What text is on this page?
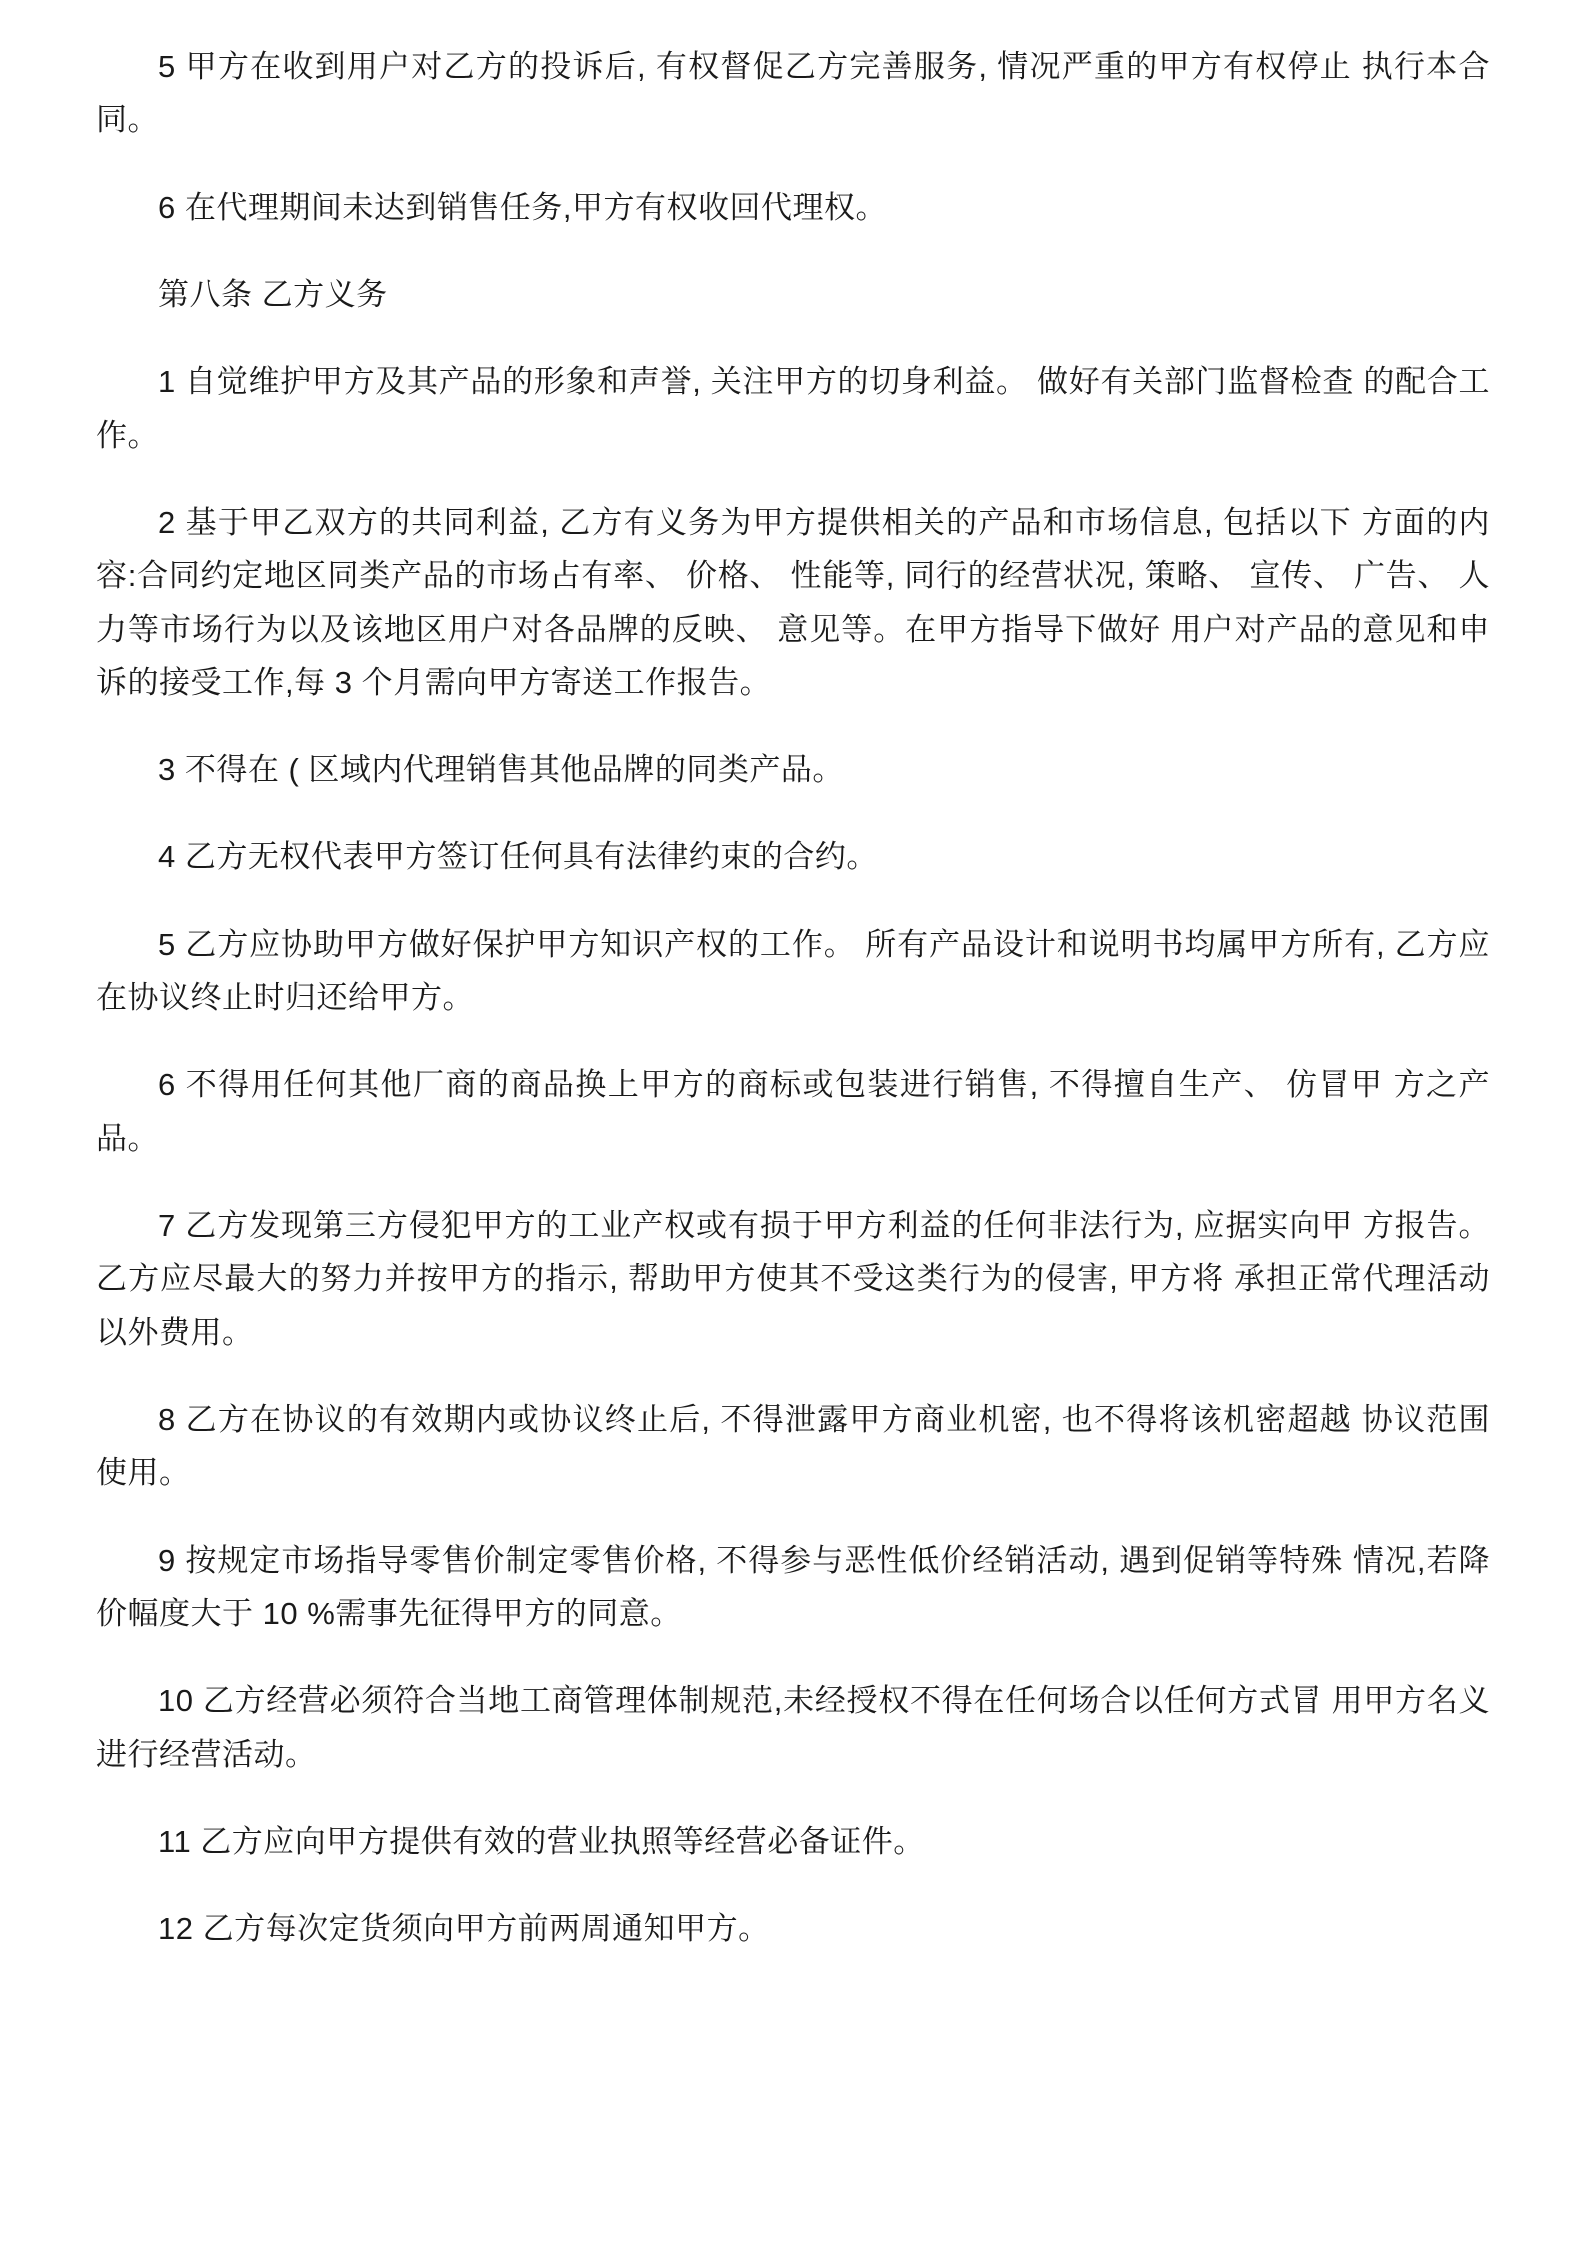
5 甲方在收到用户对乙方的投诉后, 有权督促乙方完善服务, 情况严重的甲方有权停止 执行本合同。

6 在代理期间未达到销售任务,甲方有权收回代理权。

第八条 乙方义务

1 自觉维护甲方及其产品的形象和声誉, 关注甲方的切身利益。 做好有关部门监督检查 的配合工作。

2 基于甲乙双方的共同利益, 乙方有义务为甲方提供相关的产品和市场信息, 包括以下 方面的内容:合同约定地区同类产品的市场占有率、 价格、 性能等, 同行的经营状况, 策略、 宣传、 广告、 人力等市场行为以及该地区用户对各品牌的反映、 意见等。在甲方指导下做好 用户对产品的意见和申诉的接受工作,每 3 个月需向甲方寄送工作报告。

3 不得在 ( 区域内代理销售其他品牌的同类产品。

4 乙方无权代表甲方签订任何具有法律约束的合约。

5 乙方应协助甲方做好保护甲方知识产权的工作。 所有产品设计和说明书均属甲方所有, 乙方应在协议终止时归还给甲方。

6 不得用任何其他厂商的商品换上甲方的商标或包装进行销售, 不得擅自生产、 仿冒甲 方之产品。

7 乙方发现第三方侵犯甲方的工业产权或有损于甲方利益的任何非法行为, 应据实向甲 方报告。 乙方应尽最大的努力并按甲方的指示, 帮助甲方使其不受这类行为的侵害, 甲方将 承担正常代理活动以外费用。

8 乙方在协议的有效期内或协议终止后, 不得泄露甲方商业机密, 也不得将该机密超越 协议范围使用。

9 按规定市场指导零售价制定零售价格, 不得参与恶性低价经销活动, 遇到促销等特殊 情况,若降价幅度大于 10 %需事先征得甲方的同意。

10 乙方经营必须符合当地工商管理体制规范,未经授权不得在任何场合以任何方式冒 用甲方名义进行经营活动。

11 乙方应向甲方提供有效的营业执照等经营必备证件。

12 乙方每次定货须向甲方前两周通知甲方。
